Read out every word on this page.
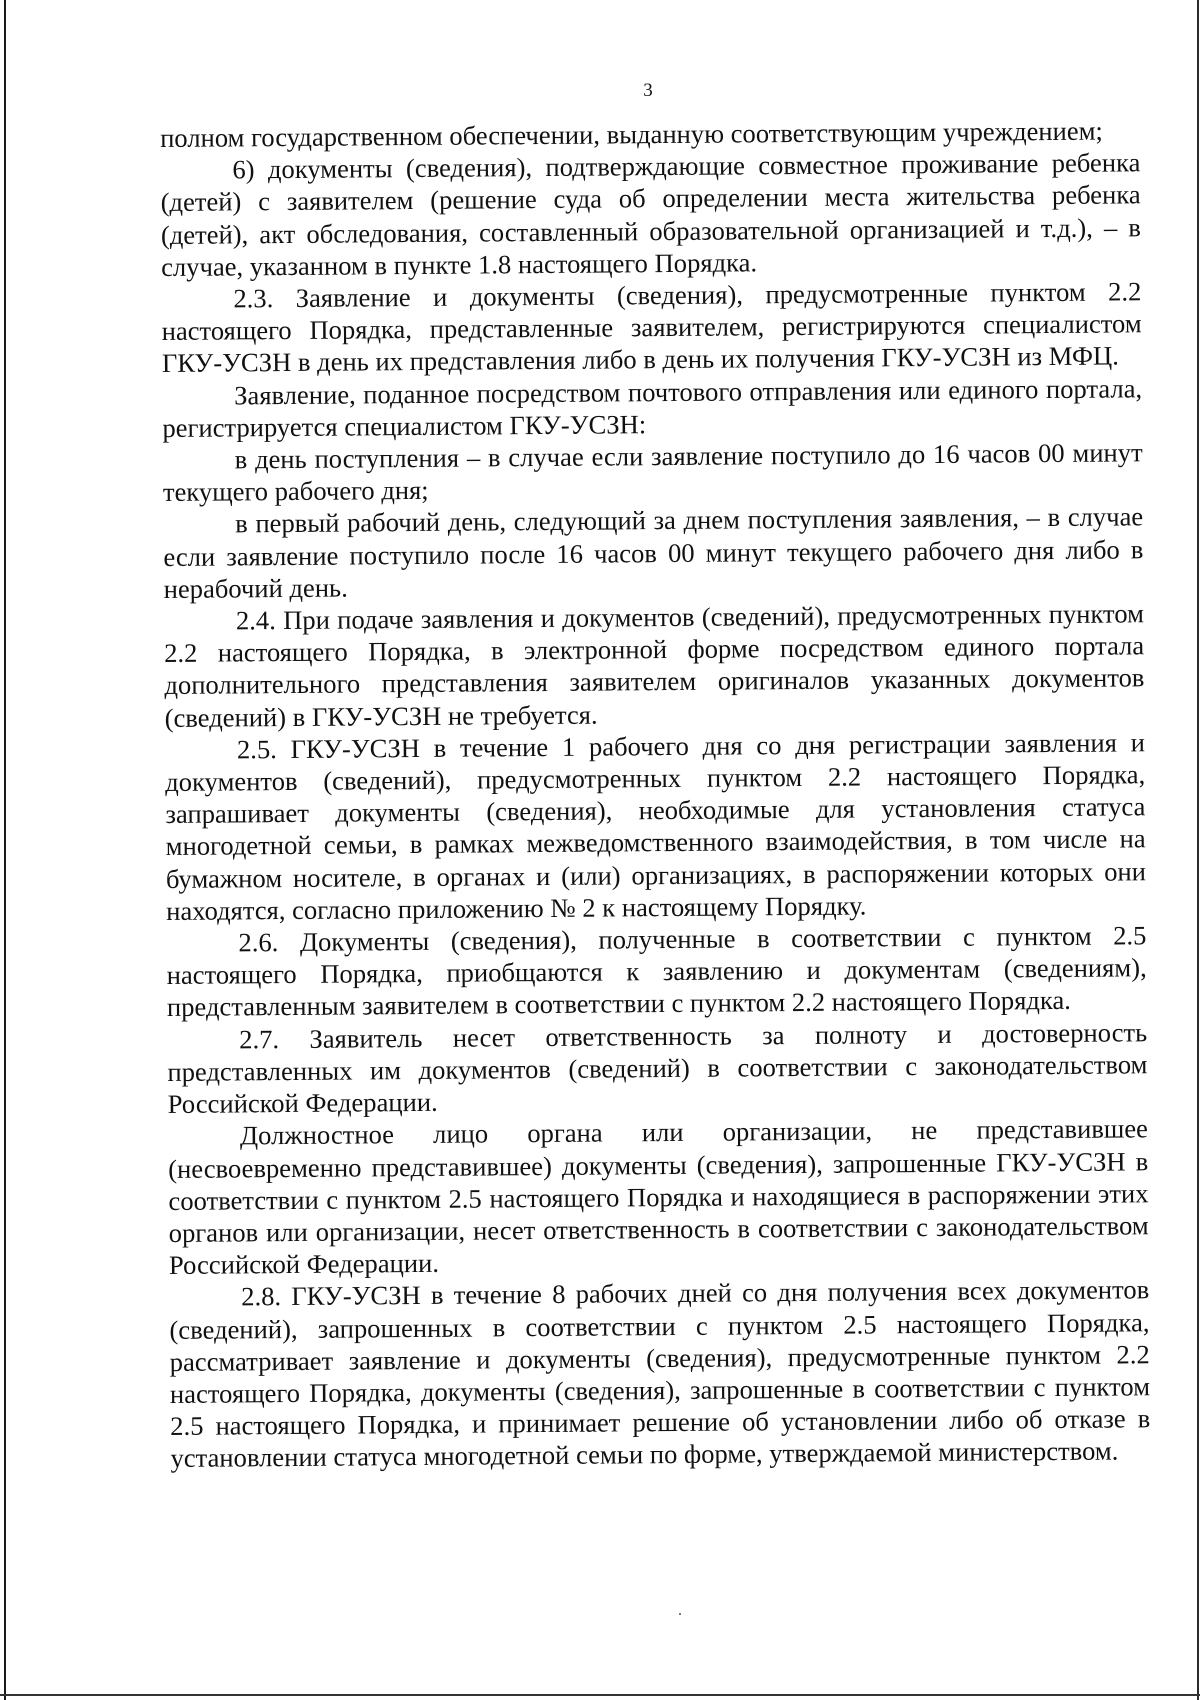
3

полном государственном обеспечении, выданную соответствующим учреждением;

6) документы (сведения), подтверждающие совместное проживание ребенка (детей) с заявителем (решение суда об определении места жительства ребенка (детей), акт обследования, составленный образовательной организацией и т.д.), – в случае, указанном в пункте 1.8 настоящего Порядка.

2.3. Заявление и документы (сведения), предусмотренные пунктом 2.2 настоящего Порядка, представленные заявителем, регистрируются специалистом ГКУ-УСЗН в день их представления либо в день их получения ГКУ-УСЗН из МФЦ.

Заявление, поданное посредством почтового отправления или единого портала, регистрируется специалистом ГКУ-УСЗН:

в день поступления – в случае если заявление поступило до 16 часов 00 минут текущего рабочего дня;

в первый рабочий день, следующий за днем поступления заявления, – в случае если заявление поступило после 16 часов 00 минут текущего рабочего дня либо в нерабочий день.

2.4. При подаче заявления и документов (сведений), предусмотренных пунктом 2.2 настоящего Порядка, в электронной форме посредством единого портала дополнительного представления заявителем оригиналов указанных документов (сведений) в ГКУ-УСЗН не требуется.

2.5. ГКУ-УСЗН в течение 1 рабочего дня со дня регистрации заявления и документов (сведений), предусмотренных пунктом 2.2 настоящего Порядка, запрашивает документы (сведения), необходимые для установления статуса многодетной семьи, в рамках межведомственного взаимодействия, в том числе на бумажном носителе, в органах и (или) организациях, в распоряжении которых они находятся, согласно приложению № 2 к настоящему Порядку.

2.6. Документы (сведения), полученные в соответствии с пунктом 2.5 настоящего Порядка, приобщаются к заявлению и документам (сведениям), представленным заявителем в соответствии с пунктом 2.2 настоящего Порядка.

2.7. Заявитель несет ответственность за полноту и достоверность представленных им документов (сведений) в соответствии с законодательством Российской Федерации.

Должностное лицо органа или организации, не представившее (несвоевременно представившее) документы (сведения), запрошенные ГКУ-УСЗН в соответствии с пунктом 2.5 настоящего Порядка и находящиеся в распоряжении этих органов или организации, несет ответственность в соответствии с законодательством Российской Федерации.

2.8. ГКУ-УСЗН в течение 8 рабочих дней со дня получения всех документов (сведений), запрошенных в соответствии с пунктом 2.5 настоящего Порядка, рассматривает заявление и документы (сведения), предусмотренные пунктом 2.2 настоящего Порядка, документы (сведения), запрошенные в соответствии с пунктом 2.5 настоящего Порядка, и принимает решение об установлении либо об отказе в установлении статуса многодетной семьи по форме, утверждаемой министерством.
